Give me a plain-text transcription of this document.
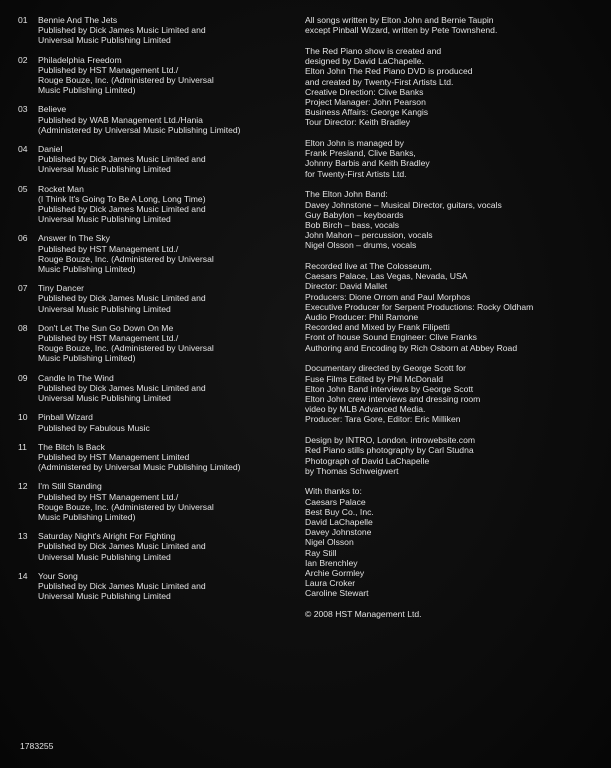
01	Bennie And The Jets
Published by Dick James Music Limited and
Universal Music Publishing Limited
02	Philadelphia Freedom
Published by HST Management Ltd./
Rouge Bouze, Inc. (Administered by Universal
Music Publishing Limited)
03	Believe
Published by WAB Management Ltd./Hania
(Administered by Universal Music Publishing Limited)
04	Daniel
Published by Dick James Music Limited and
Universal Music Publishing Limited
05	Rocket Man
(I Think It's Going To Be A Long, Long Time)
Published by Dick James Music Limited and
Universal Music Publishing Limited
06	Answer In The Sky
Published by HST Management Ltd./
Rouge Bouze, Inc. (Administered by Universal
Music Publishing Limited)
07	Tiny Dancer
Published by Dick James Music Limited and
Universal Music Publishing Limited
08	Don't Let The Sun Go Down On Me
Published by HST Management Ltd./
Rouge Bouze, Inc. (Administered by Universal
Music Publishing Limited)
09	Candle In The Wind
Published by Dick James Music Limited and
Universal Music Publishing Limited
10	Pinball Wizard
Published by Fabulous Music
11	The Bitch Is Back
Published by HST Management Limited
(Administered by Universal Music Publishing Limited)
12	I'm Still Standing
Published by HST Management Ltd./
Rouge Bouze, Inc. (Administered by Universal
Music Publishing Limited)
13	Saturday Night's Alright For Fighting
Published by Dick James Music Limited and
Universal Music Publishing Limited
14	Your Song
Published by Dick James Music Limited and
Universal Music Publishing Limited
All songs written by Elton John and Bernie Taupin
except Pinball Wizard, written by Pete Townshend.
The Red Piano show is created and
designed by David LaChapelle.
Elton John The Red Piano DVD is produced
and created by Twenty-First Artists Ltd.
Creative Direction: Clive Banks
Project Manager: John Pearson
Business Affairs: George Kangis
Tour Director: Keith Bradley
Elton John is managed by
Frank Presland, Clive Banks,
Johnny Barbis and Keith Bradley
for Twenty-First Artists Ltd.
The Elton John Band:
Davey Johnstone – Musical Director, guitars, vocals
Guy Babylon – keyboards
Bob Birch – bass, vocals
John Mahon – percussion, vocals
Nigel Olsson – drums, vocals
Recorded live at The Colosseum,
Caesars Palace, Las Vegas, Nevada, USA
Director: David Mallet
Producers: Dione Orrom and Paul Morphos
Executive Producer for Serpent Productions: Rocky Oldham
Audio Producer: Phil Ramone
Recorded and Mixed by Frank Filipetti
Front of house Sound Engineer: Clive Franks
Authoring and Encoding by Rich Osborn at Abbey Road
Documentary directed by George Scott for
Fuse Films Edited by Phil McDonald
Elton John Band interviews by George Scott
Elton John crew interviews and dressing room
video by MLB Advanced Media.
Producer: Tara Gore, Editor: Eric Milliken
Design by INTRO, London. introwebsite.com
Red Piano stills photography by Carl Studna
Photograph of David LaChapelle
by Thomas Schweigwert
With thanks to:
Caesars Palace
Best Buy Co., Inc.
David LaChapelle
Davey Johnstone
Nigel Olsson
Ray Still
Ian Brenchley
Archie Gormley
Laura Croker
Caroline Stewart
© 2008 HST Management Ltd.
1783255
